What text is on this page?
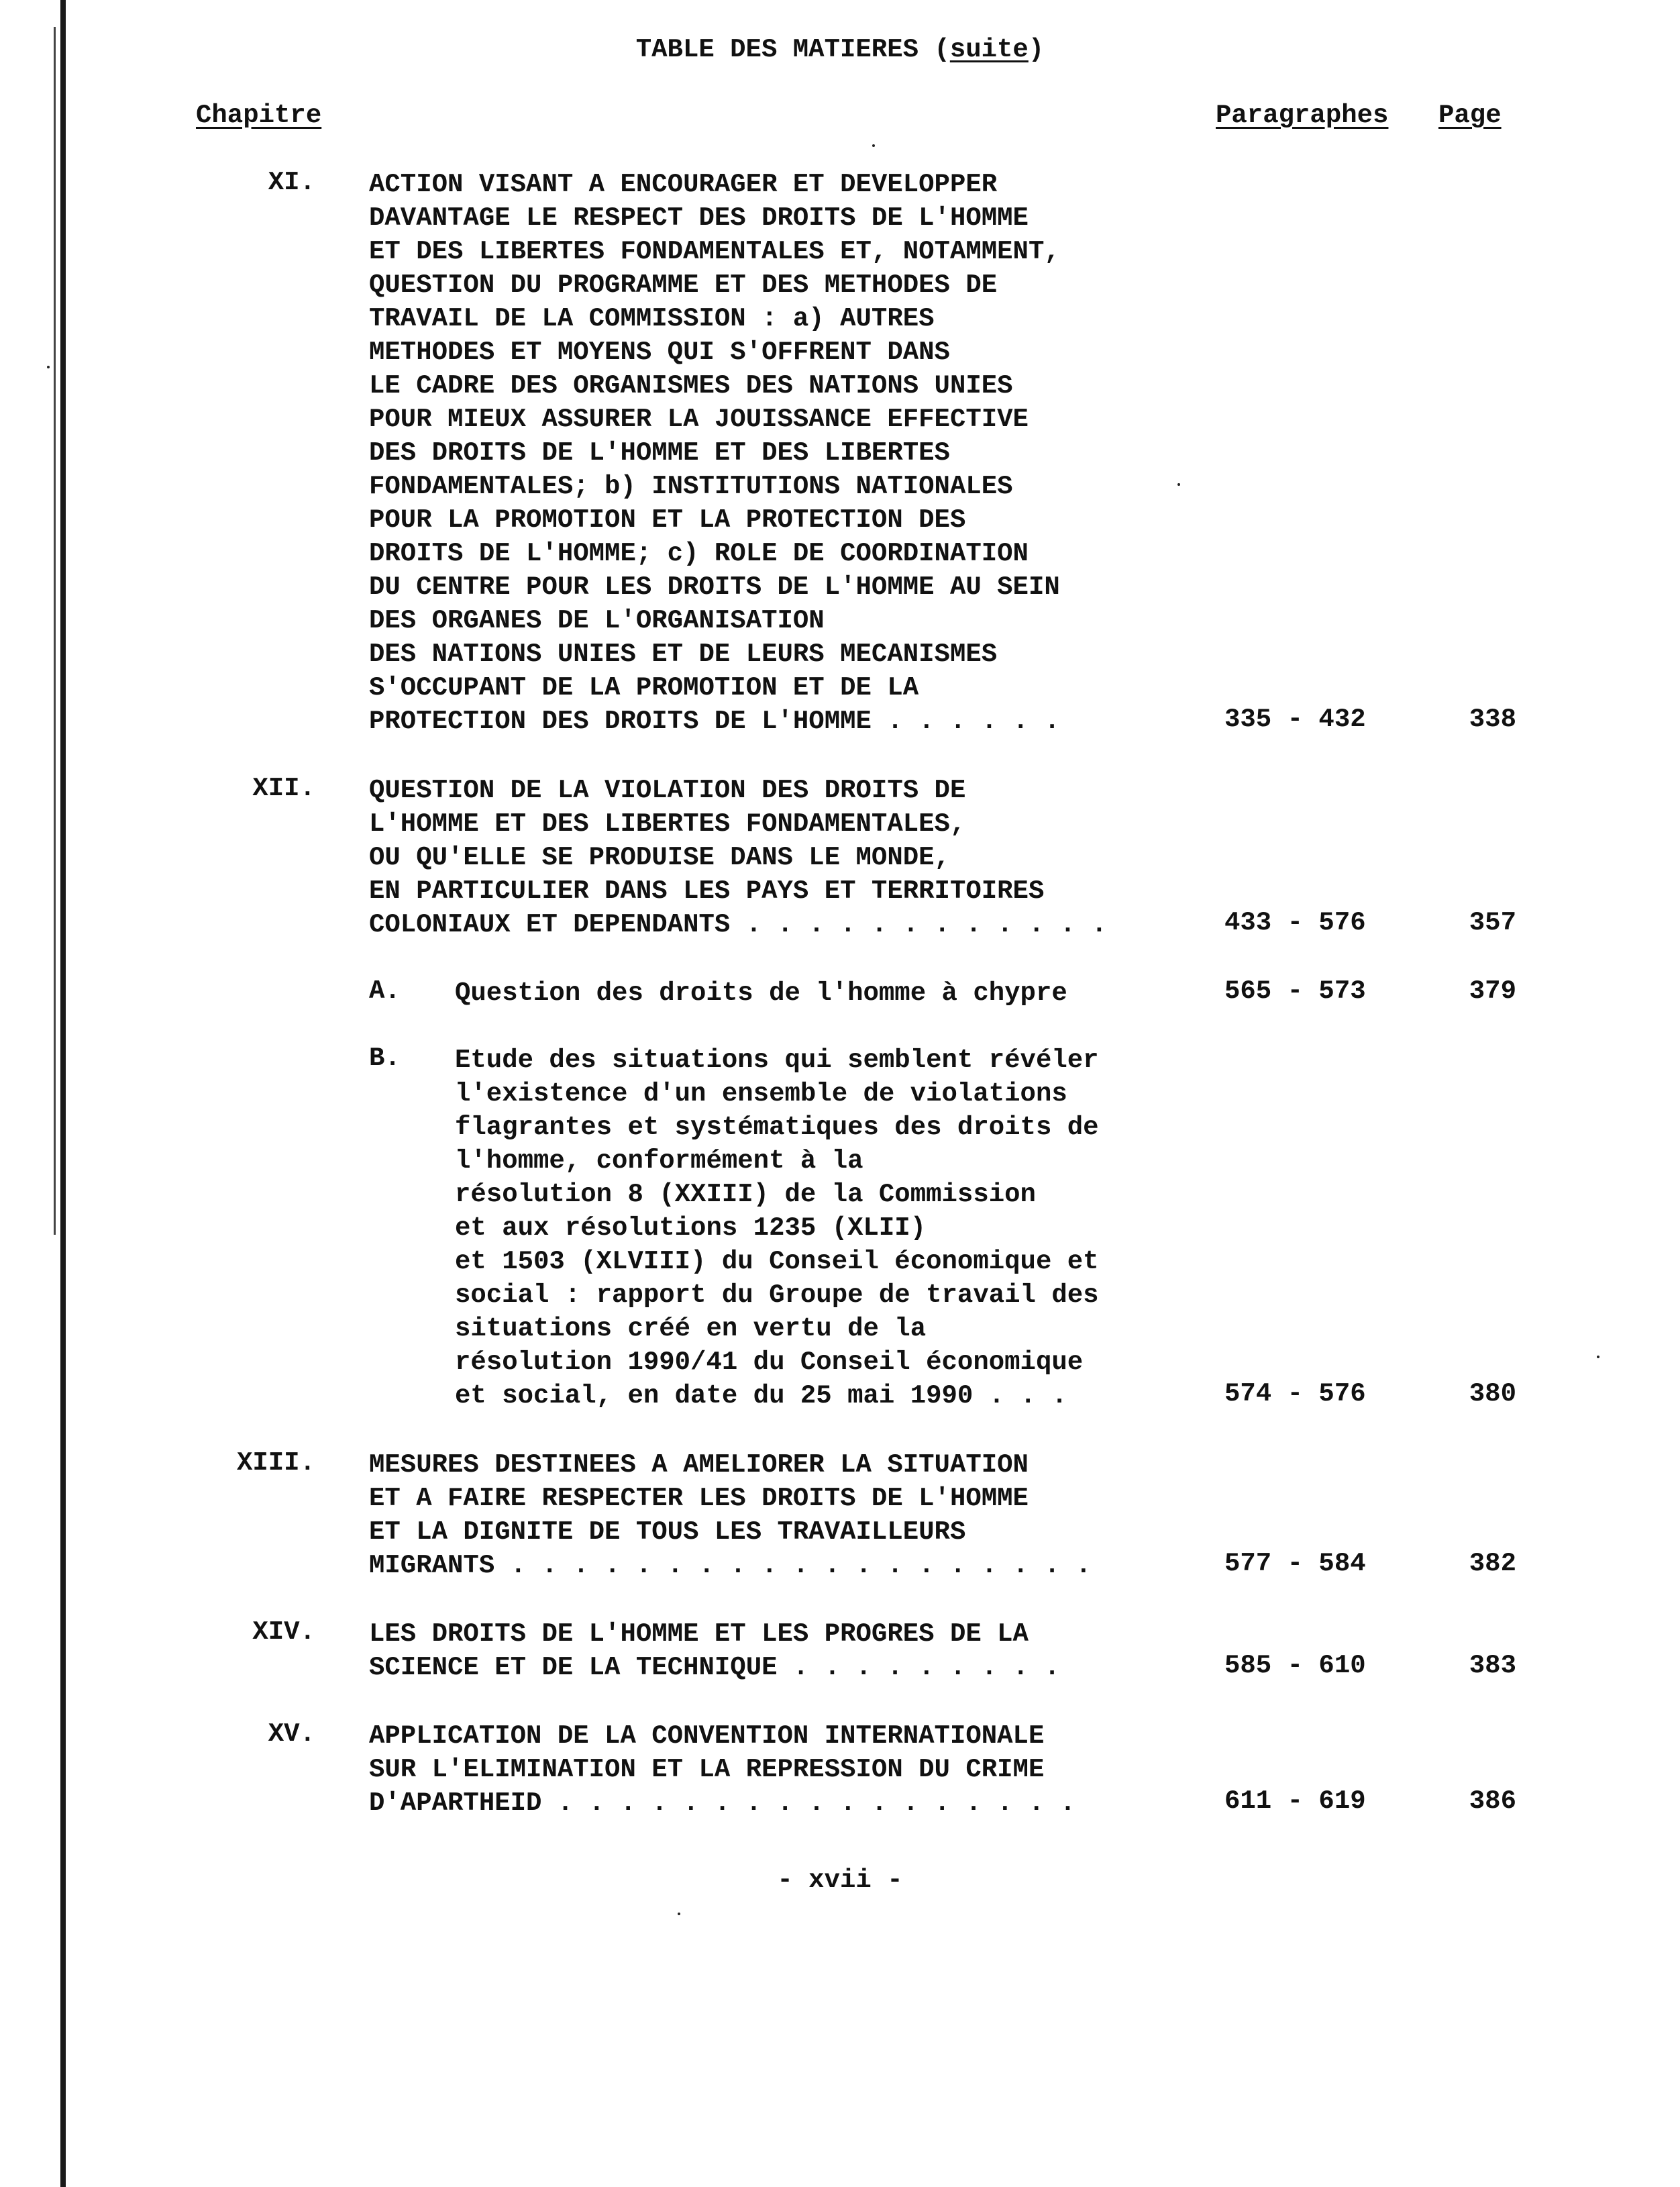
TABLE DES MATIERES (suite)
Chapitre	Paragraphes Page
XI. ACTION VISANT A ENCOURAGER ET DEVELOPPER
DAVANTAGE LE RESPECT DES DROITS DE L'HOMME
ET DES LIBERTES FONDAMENTALES ET, NOTAMMENT,
QUESTION DU PROGRAMME ET DES METHODES DE
TRAVAIL DE LA COMMISSION : a) AUTRES
METHODES ET MOYENS QUI S'OFFRENT DANS
LE CADRE DES ORGANISMES DES NATIONS UNIES
POUR MIEUX ASSURER LA JOUISSANCE EFFECTIVE
DES DROITS DE L'HOMME ET DES LIBERTES
FONDAMENTALES; b) INSTITUTIONS NATIONALES
POUR LA PROMOTION ET LA PROTECTION DES
DROITS DE L'HOMME; c) ROLE DE COORDINATION
DU CENTRE POUR LES DROITS DE L'HOMME AU SEIN
DES ORGANES DE L'ORGANISATION
DES NATIONS UNIES ET DE LEURS MECANISMES
S'OCCUPANT DE LA PROMOTION ET DE LA
PROTECTION DES DROITS DE L'HOMME . . . . . .	335 - 432	338
XII. QUESTION DE LA VIOLATION DES DROITS DE
L'HOMME ET DES LIBERTES FONDAMENTALES,
OU QU'ELLE SE PRODUISE DANS LE MONDE,
EN PARTICULIER DANS LES PAYS ET TERRITOIRES
COLONIAUX ET DEPENDANTS . . . . . . . . . . . .	433 - 576	357
A. Question des droits de l'homme à chypre	565 - 573	379
B. Etude des situations qui semblent révéler
l'existence d'un ensemble de violations
flagrantes et systématiques des droits de
l'homme, conformément à la
résolution 8 (XXIII) de la Commission
et aux résolutions 1235 (XLII)
et 1503 (XLVIII) du Conseil économique et
social : rapport du Groupe de travail des
situations créé en vertu de la
résolution 1990/41 du Conseil économique
et social, en date du 25 mai 1990 . . .	574 - 576	380
XIII. MESURES DESTINEES A AMELIORER LA SITUATION
ET A FAIRE RESPECTER LES DROITS DE L'HOMME
ET LA DIGNITE DE TOUS LES TRAVAILLEURS
MIGRANTS . . . . . . . . . . . . . . . . . . .	577 - 584	382
XIV. LES DROITS DE L'HOMME ET LES PROGRES DE LA
SCIENCE ET DE LA TECHNIQUE . . . . . . . . .	585 - 610	383
XV. APPLICATION DE LA CONVENTION INTERNATIONALE
SUR L'ELIMINATION ET LA REPRESSION DU CRIME
D'APARTHEID . . . . . . . . . . . . . . . . .	611 - 619	386
- xvii -
